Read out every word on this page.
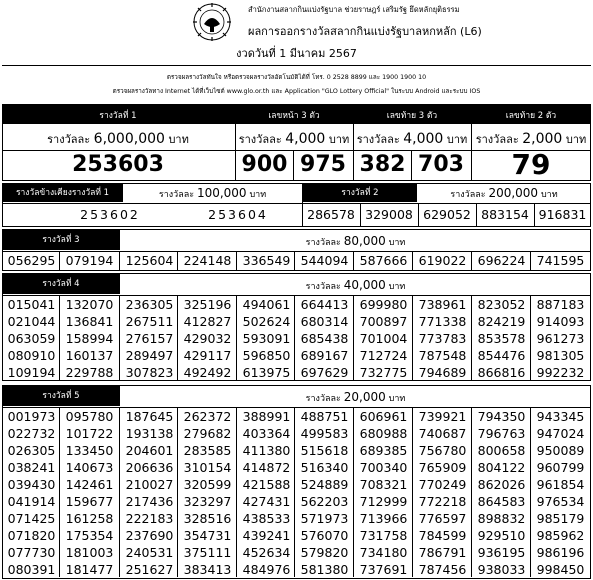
สำนักงานสลากกินแบ่งรัฐบาล ช่วยราษฎร์ เสริมรัฐ ยึดหลักยุติธรรม
ผลการออกรางวัลสลากกินแบ่งรัฐบาลหกหลัก (L6)
งวดวันที่ 1 มีนาคม 2567
ตรวจผลรางวัลทันใจ หรือตรวจผลรางวัลอัตโนมัติได้ที่ โทร. 0 2528 8899 และ 1900 1900 10
ตรวจผลรางวัลทาง Internet ได้ที่เว็บไซต์ www.glo.or.th และ Application "GLO Lottery Official" ในระบบ Android และระบบ IOS
รางวัลที่ 1	เลขหน้า 3 ตัว	เลขท้าย 3 ตัว	เลขท้าย 2 ตัว
รางวัลละ 6,000,000 บาท	รางวัลละ 4,000 บาท รางวัลละ 4,000 บาท รางวัลละ 2,000 บาท
253603	900 975 382 703	79
รางวัลข้างเคียงรางวัลที่ 1	รางวัลละ 100,000 บาท	รางวัลที่ 2	รางวัลละ 200,000 บาท
253602	253604	286578 329008 629052 883154 916831
รางวัลที่ 3	รางวัลละ 80,000 บาท
056295 079194 125604 224148 336549 544094 587666 619022 696224 741595
รางวัลที่ 4	รางวัลละ 40,000 บาท
015041 132070 236305 325196 494061 664413 699980 738961 823052 887183
021044 136841 267511 412827 502624 680314 700897 771338 824219 914093
063059 158994 276157 429032 593091 685438 701004 773783 853578 961273
080910 160137 289497 429117 596850 689167 712724 787548 854476 981305
109194 229788 307823 492492 613975 697629 732775 794689 866816 992232
รางวัลที่ 5	รางวัลละ 20,000 บาท
001973 095780 187645 262372 388991 488751 606961 739921 794350 943345
022732 101722 193138 279682 403364 499583 680988 740687 796763 947024
026305 133450 204601 283585 411380 515618 689385 756780 800658 950089
038241 140673 206636 310154 414872 516340 700340 765909 804122 960799
039430 142461 210027 320599 421588 524889 708321 770249 862026 961854
041914 159677 217436 323297 427431 562203 712999 772218 864583 976534
071425 161258 222183 328516 438533 571973 713966 776597 898832 985179
071820 175354 237690 354731 439241 576070 731758 784599 929510 985962
077730 181003 240531 375111 452634 579820 734180 786791 936195 986196
080391 181477 251627 383413 484976 581380 737691 787456 938033 998450
